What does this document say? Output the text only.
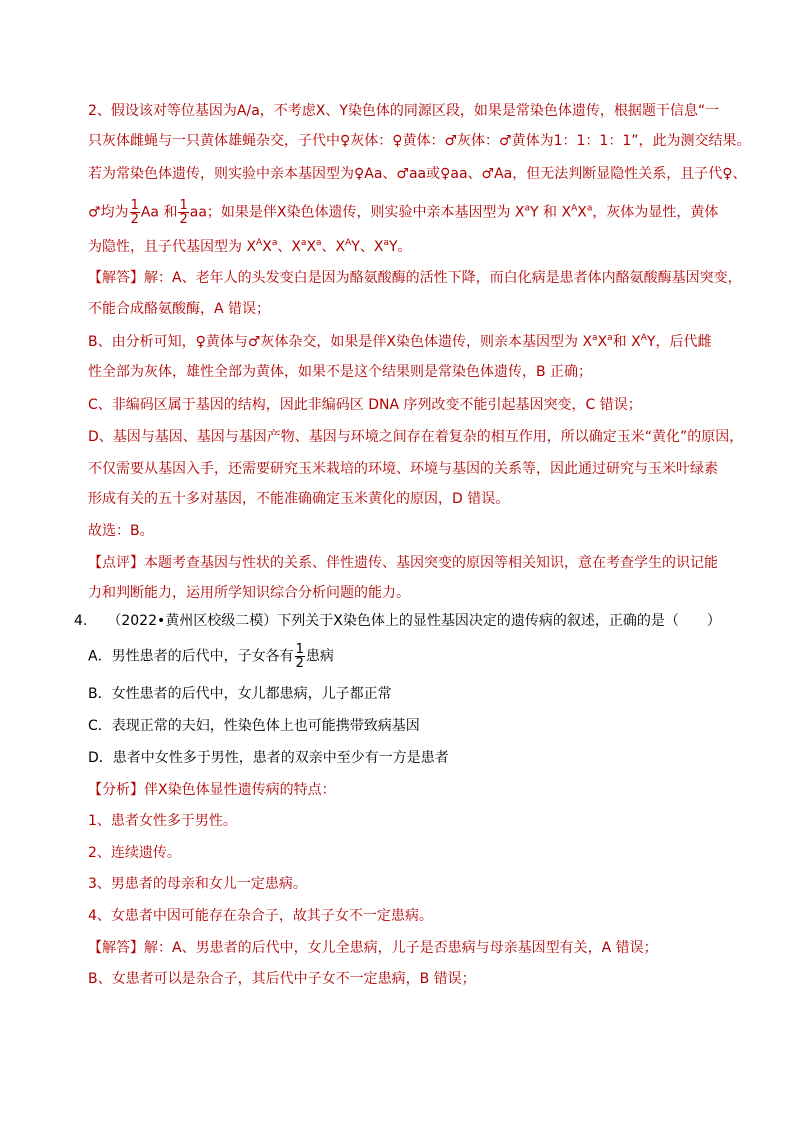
2、假设该对等位基因为A/a，不考虑X、Y染色体的同源区段，如果是常染色体遗传，根据题干信息“一
只灰体雌蝇与一只黄体雄蝇杂交，子代中♀灰体：♀黄体：♂灰体：♂黄体为1：1：1：1”，此为测交结果。
若为常染色体遗传，则实验中亲本基因型为♀Aa、♂aa或♀aa、♂Aa，但无法判断显隐性关系，且子代♀、
♂均为 $\frac{1}{2}$ Aa 和 $\frac{1}{2}$ aa；如果是伴X染色体遗传，则实验中亲本基因型为 $X^aY$ 和 $X^AX^a$，灰体为显性，黄体
为隐性，且子代基因型为 $X^AX^a$、$X^aX^a$、$X^AY$、$X^aY$。
【解答】解：A、老年人的头发变白是因为酪氨酸酶的活性下降，而白化病是患者体内酪氨酸酶基因突变，
不能合成酪氨酸酶，A 错误；
B、由分析可知，♀黄体与♂灰体杂交，如果是伴X染色体遗传，则亲本基因型为 $X^aX^a$和 $X^AY$，后代雌
性全部为灰体，雄性全部为黄体，如果不是这个结果则是常染色体遗传，B 正确；
C、非编码区属于基因的结构，因此非编码区 DNA 序列改变不能引起基因突变，C 错误；
D、基因与基因、基因与基因产物、基因与环境之间存在着复杂的相互作用，所以确定玉米“黄化”的原因，
不仅需要从基因入手，还需要研究玉米栽培的环境、环境与基因的关系等，因此通过研究与玉米叶绿素
形成有关的五十多对基因，不能准确确定玉米黄化的原因，D 错误。
故选：B。
【点评】本题考查基因与性状的关系、伴性遗传、基因突变的原因等相关知识，意在考查学生的识记能
力和判断能力，运用所学知识综合分析问题的能力。
4. （2022•黄州区校级二模）下列关于X染色体上的显性基因决定的遗传病的叙述，正确的是（　　）
A．男性患者的后代中，子女各有 $\frac{1}{2}$ 患病
B．女性患者的后代中，女儿都患病，儿子都正常
C．表现正常的夫妇，性染色体上也可能携带致病基因
D．患者中女性多于男性，患者的双亲中至少有一方是患者
【分析】伴X染色体显性遗传病的特点：
1、患者女性多于男性。
2、连续遗传。
3、男患者的母亲和女儿一定患病。
4、女患者中因可能存在杂合子，故其子女不一定患病。
【解答】解：A、男患者的后代中，女儿全患病，儿子是否患病与母亲基因型有关，A 错误；
B、女患者可以是杂合子，其后代中子女不一定患病，B 错误；
